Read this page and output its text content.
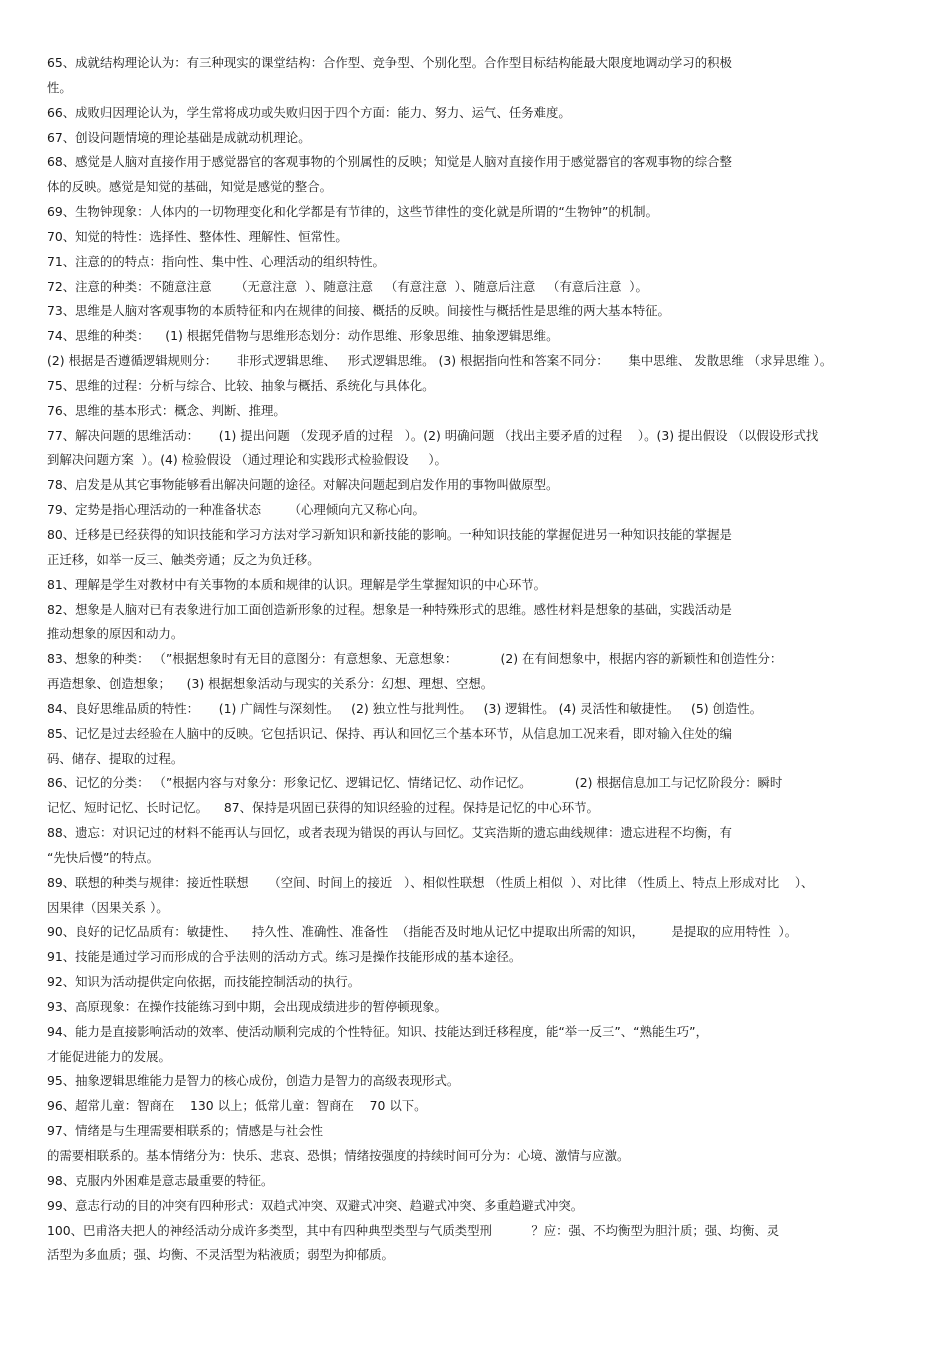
65、成就结构理论认为：有三种现实的课堂结构：合作型、竞争型、个别化型。合作型目标结构能最大限度地调动学习的积极
性。
66、成败归因理论认为，学生常将成功或失败归因于四个方面：能力、努力、运气、任务难度。
67、创设问题情境的理论基础是成就动机理论。
68、感觉是人脑对直接作用于感觉器官的客观事物的个别属性的反映；知觉是人脑对直接作用于感觉器官的客观事物的综合整
体的反映。感觉是知觉的基础，知觉是感觉的整合。
69、生物钟现象：人体内的一切物理变化和化学都是有节律的，这些节律性的变化就是所谓的“生物钟”的机制。
70、知觉的特性：选择性、整体性、理解性、恒常性。
71、注意的的特点：指向性、集中性、心理活动的组织特性。
72、注意的种类：不随意注意      （无意注意  ）、随意注意   （有意注意  ）、随意后注意   （有意后注意  ）。
73、思维是人脑对客观事物的本质特征和内在规律的间接、概括的反映。间接性与概括性是思维的两大基本特征。
74、思维的种类：    (1) 根据凭借物与思维形态划分：动作思维、形象思维、抽象逻辑思维。
(2) 根据是否遵循逻辑规则分：     非形式逻辑思维、   形式逻辑思维。 (3) 根据指向性和答案不同分：     集中思维、 发散思维 （求异思维 ）。
75、思维的过程：分析与综合、比较、抽象与概括、系统化与具体化。
76、思维的基本形式：概念、判断、推理。
77、解决问题的思维活动：     (1) 提出问题 （发现矛盾的过程   ）。(2) 明确问题 （找出主要矛盾的过程    ）。(3) 提出假设 （以假设形式找
到解决问题方案  ）。(4) 检验假设 （通过理论和实践形式检验假设     ）。
78、启发是从其它事物能够看出解决问题的途径。对解决问题起到启发作用的事物叫做原型。
79、定势是指心理活动的一种准备状态       （心理倾向亢又称心向。
80、迁移是已经获得的知识技能和学习方法对学习新知识和新技能的影响。一种知识技能的掌握促进另一种知识技能的掌握是
正迁移，如举一反三、触类旁通；反之为负迁移。
81、理解是学生对教材中有关事物的本质和规律的认识。理解是学生掌握知识的中心环节。
82、想象是人脑对已有表象进行加工面创造新形象的过程。想象是一种特殊形式的思维。感性材料是想象的基础，实践活动是
推动想象的原因和动力。
83、想象的种类： （”根据想象时有无目的意图分：有意想象、无意想象：           (2) 在有间想象中，根据内容的新颖性和创造性分：
再造想象、创造想象；    (3) 根据想象活动与现实的关系分：幻想、理想、空想。
84、良好思维品质的特性：     (1) 广阔性与深刻性。   (2) 独立性与批判性。   (3) 逻辑性。 (4) 灵活性和敏捷性。   (5) 创造性。
85、记忆是过去经验在人脑中的反映。它包括识记、保持、再认和回忆三个基本环节，从信息加工况来看，即对输入住处的编
码、储存、提取的过程。
86、记忆的分类： （”根据内容与对象分：形象记忆、逻辑记忆、情绪记忆、动作记忆。           (2) 根据信息加工与记忆阶段分：瞬时
记忆、短时记忆、长时记忆。    87、保持是巩固已获得的知识经验的过程。保持是记忆的中心环节。
88、遗忘：对识记过的材料不能再认与回忆，或者表现为错误的再认与回忆。艾宾浩斯的遗忘曲线规律：遗忘进程不均衡，有
“先快后慢”的特点。
89、联想的种类与规律：接近性联想     （空间、时间上的接近   ）、相似性联想 （性质上相似  ）、对比律 （性质上、特点上形成对比    ）、
因果律（因果关系 ）。
90、良好的记忆品质有：敏捷性、    持久性、准确性、准备性  （指能否及时地从记忆中提取出所需的知识，       是提取的应用特性  ）。
91、技能是通过学习而形成的合乎法则的活动方式。练习是操作技能形成的基本途径。
92、知识为活动提供定向依据，而技能控制活动的执行。
93、高原现象：在操作技能练习到中期，会出现成绩进步的暂停顿现象。
94、能力是直接影响活动的效率、使活动顺利完成的个性特征。知识、技能达到迁移程度，能“举一反三”、“熟能生巧”，
才能促进能力的发展。
95、抽象逻辑思维能力是智力的核心成份，创造力是智力的高级表现形式。
96、超常儿童：智商在    130 以上；低常儿童：智商在    70 以下。
97、情绪是与生理需要相联系的；情感是与社会性
的需要相联系的。基本情绪分为：快乐、悲哀、恐惧；情绪按强度的持续时间可分为：心境、激情与应激。
98、克服内外困难是意志最重要的特征。
99、意志行动的目的冲突有四种形式：双趋式冲突、双避式冲突、趋避式冲突、多重趋避式冲突。
100、巴甫洛夫把人的神经活动分成许多类型，其中有四种典型类型与气质类型刑          ？应：强、不均衡型为胆汁质；强、均衡、灵
活型为多血质；强、均衡、不灵活型为粘液质；弱型为抑郁质。
